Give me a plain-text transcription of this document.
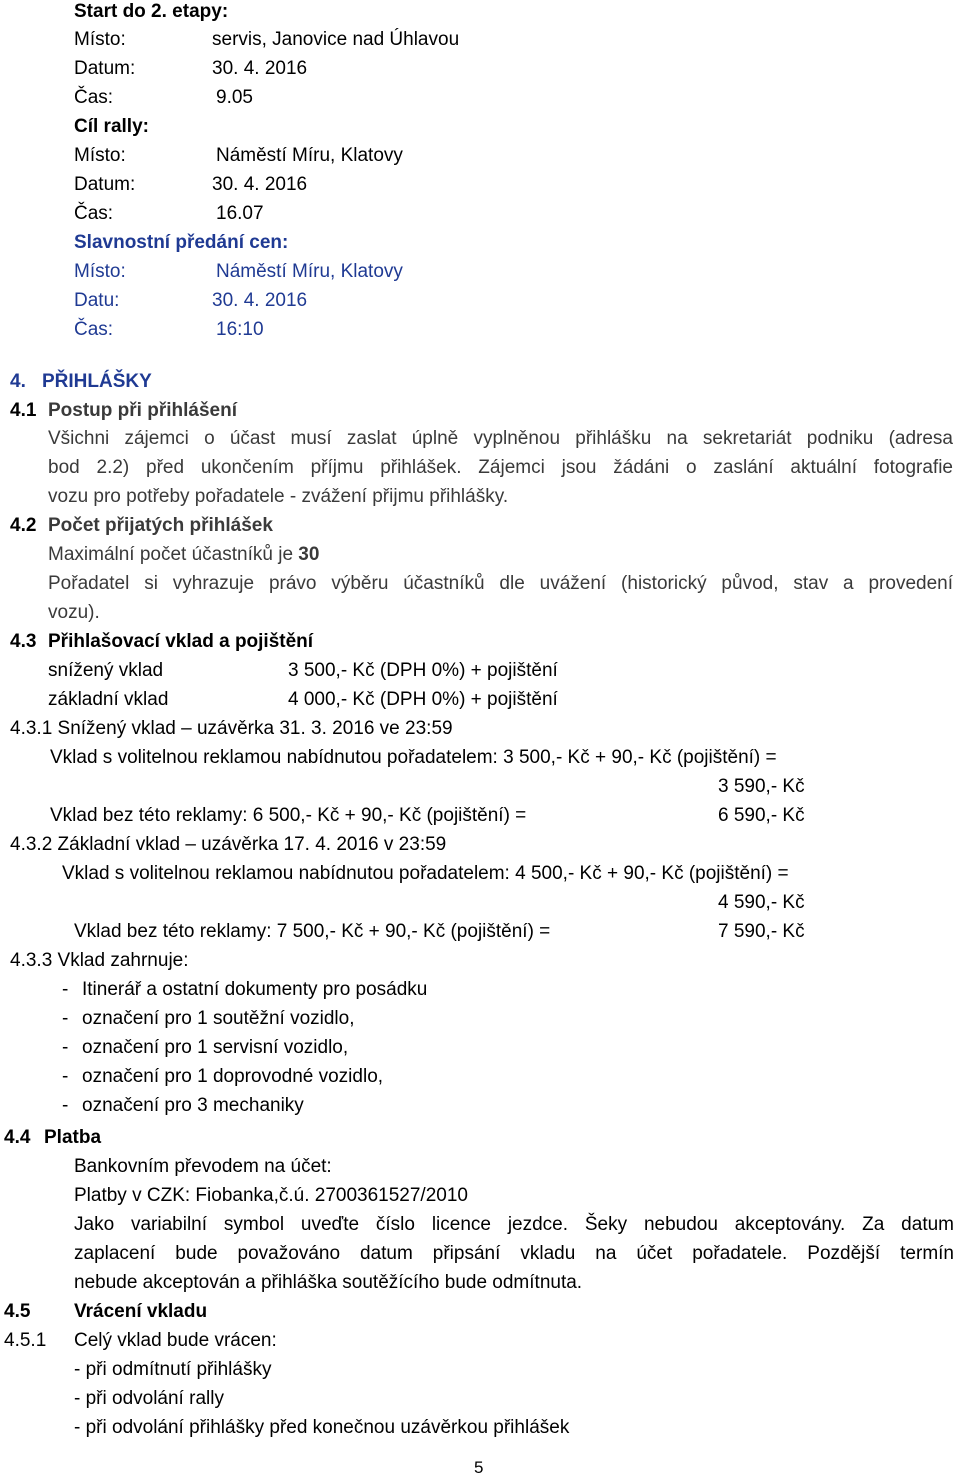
Start do 2. etapy:
Místo:	servis, Janovice nad Úhlavou
Datum:	30. 4. 2016
Čas:	9.05
Cíl rally:
Místo:	Náměstí Míru, Klatovy
Datum:	30. 4. 2016
Čas:	16.07
Slavnostní předání cen:
Místo:	Náměstí Míru, Klatovy
Datu:	30. 4. 2016
Čas:	16:10
4. PŘIHLÁŠKY
4.1 Postup při přihlášení
Všichni zájemci o účast musí zaslat úplně vyplněnou přihlášku na sekretariát podniku (adresa
bod 2.2) před ukončením příjmu přihlášek. Zájemci jsou žádáni o zaslání aktuální fotografie
vozu pro potřeby pořadatele - zvážení přijmu přihlášky.
4.2 Počet přijatých přihlášek
Maximální počet účastníků je 30
Pořadatel si vyhrazuje právo výběru účastníků dle uvážení (historický původ, stav a provedení
vozu).
4.3 Přihlašovací vklad a pojištění
snížený vklad	3 500,- Kč (DPH 0%) + pojištění
základní vklad	4 000,- Kč (DPH 0%) + pojištění
4.3.1 Snížený vklad – uzávěrka 31. 3. 2016 ve 23:59
Vklad s volitelnou reklamou nabídnutou pořadatelem: 3 500,- Kč + 90,- Kč (pojištění) =
3 590,- Kč
Vklad bez této reklamy: 6 500,- Kč + 90,- Kč (pojištění) =	6 590,- Kč
4.3.2 Základní vklad – uzávěrka 17. 4. 2016 v 23:59
Vklad s volitelnou reklamou nabídnutou pořadatelem: 4 500,- Kč + 90,- Kč (pojištění) =
4 590,- Kč
Vklad bez této reklamy: 7 500,- Kč + 90,- Kč (pojištění) =	7 590,- Kč
4.3.3 Vklad zahrnuje:
- Itinerář a ostatní dokumenty pro posádku
- označení pro 1 soutěžní vozidlo,
- označení pro 1 servisní vozidlo,
- označení pro 1 doprovodné vozidlo,
- označení pro 3 mechaniky
4.4 Platba
Bankovním převodem na účet:
Platby v CZK: Fiobanka,č.ú. 2700361527/2010
Jako variabilní symbol uveďte číslo licence jezdce. Šeky nebudou akceptovány. Za datum
zaplacení bude považováno datum připsání vkladu na účet pořadatele. Pozdější termín
nebude akceptován a přihláška soutěžícího bude odmítnuta.
4.5 Vrácení vkladu
4.5.1 Celý vklad bude vrácen:
- při odmítnutí přihlášky
- při odvolání rally
- při odvolání přihlášky před konečnou uzávěrkou přihlášek
5
